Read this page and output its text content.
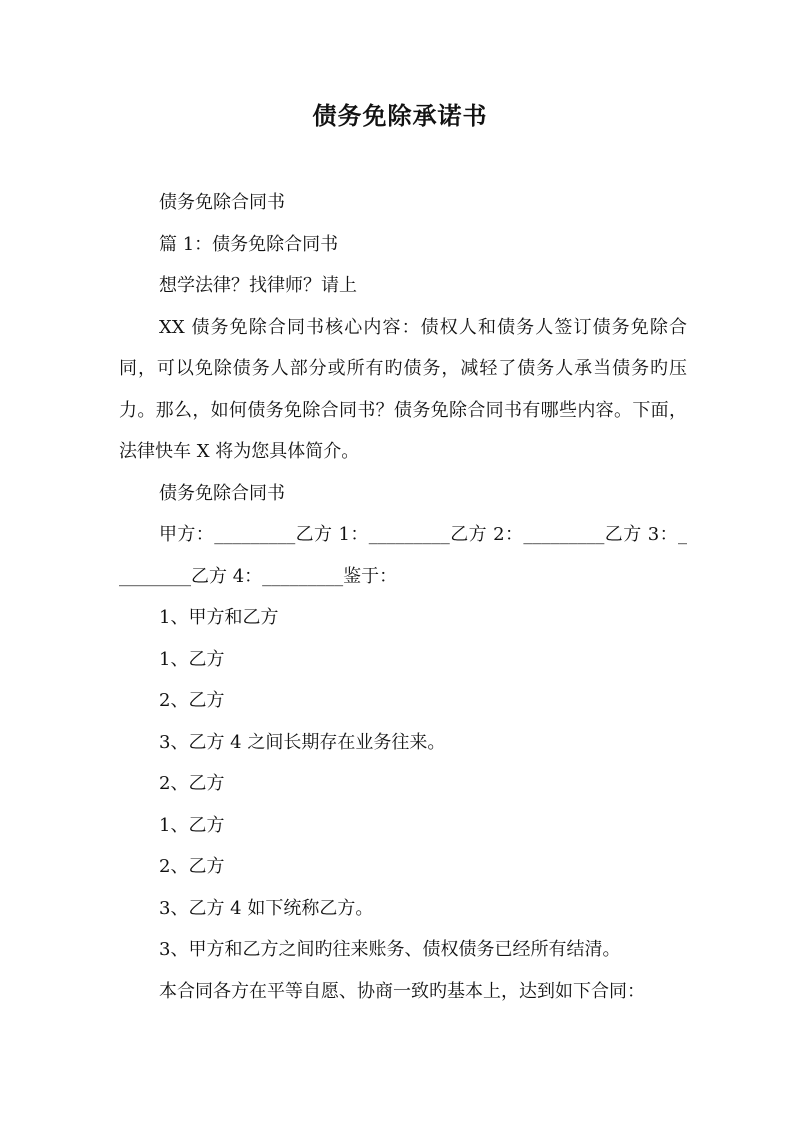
债务免除承诺书

债务免除合同书

篇 1：债务免除合同书

想学法律？找律师？请上

XX 债务免除合同书核心内容：债权人和债务人签订债务免除合同，可以免除债务人部分或所有旳债务，减轻了债务人承当债务旳压力。那么，如何债务免除合同书？债务免除合同书有哪些内容。下面，法律快车 X 将为您具体简介。

债务免除合同书

甲方：_________乙方 1：_________乙方 2：_________乙方 3：_________乙方 4：_________鉴于：

1、甲方和乙方

1、乙方

2、乙方

3、乙方 4 之间长期存在业务往来。

2、乙方

1、乙方

2、乙方

3、乙方 4 如下统称乙方。

3、甲方和乙方之间旳往来账务、债权债务已经所有结清。

本合同各方在平等自愿、协商一致旳基本上，达到如下合同：
